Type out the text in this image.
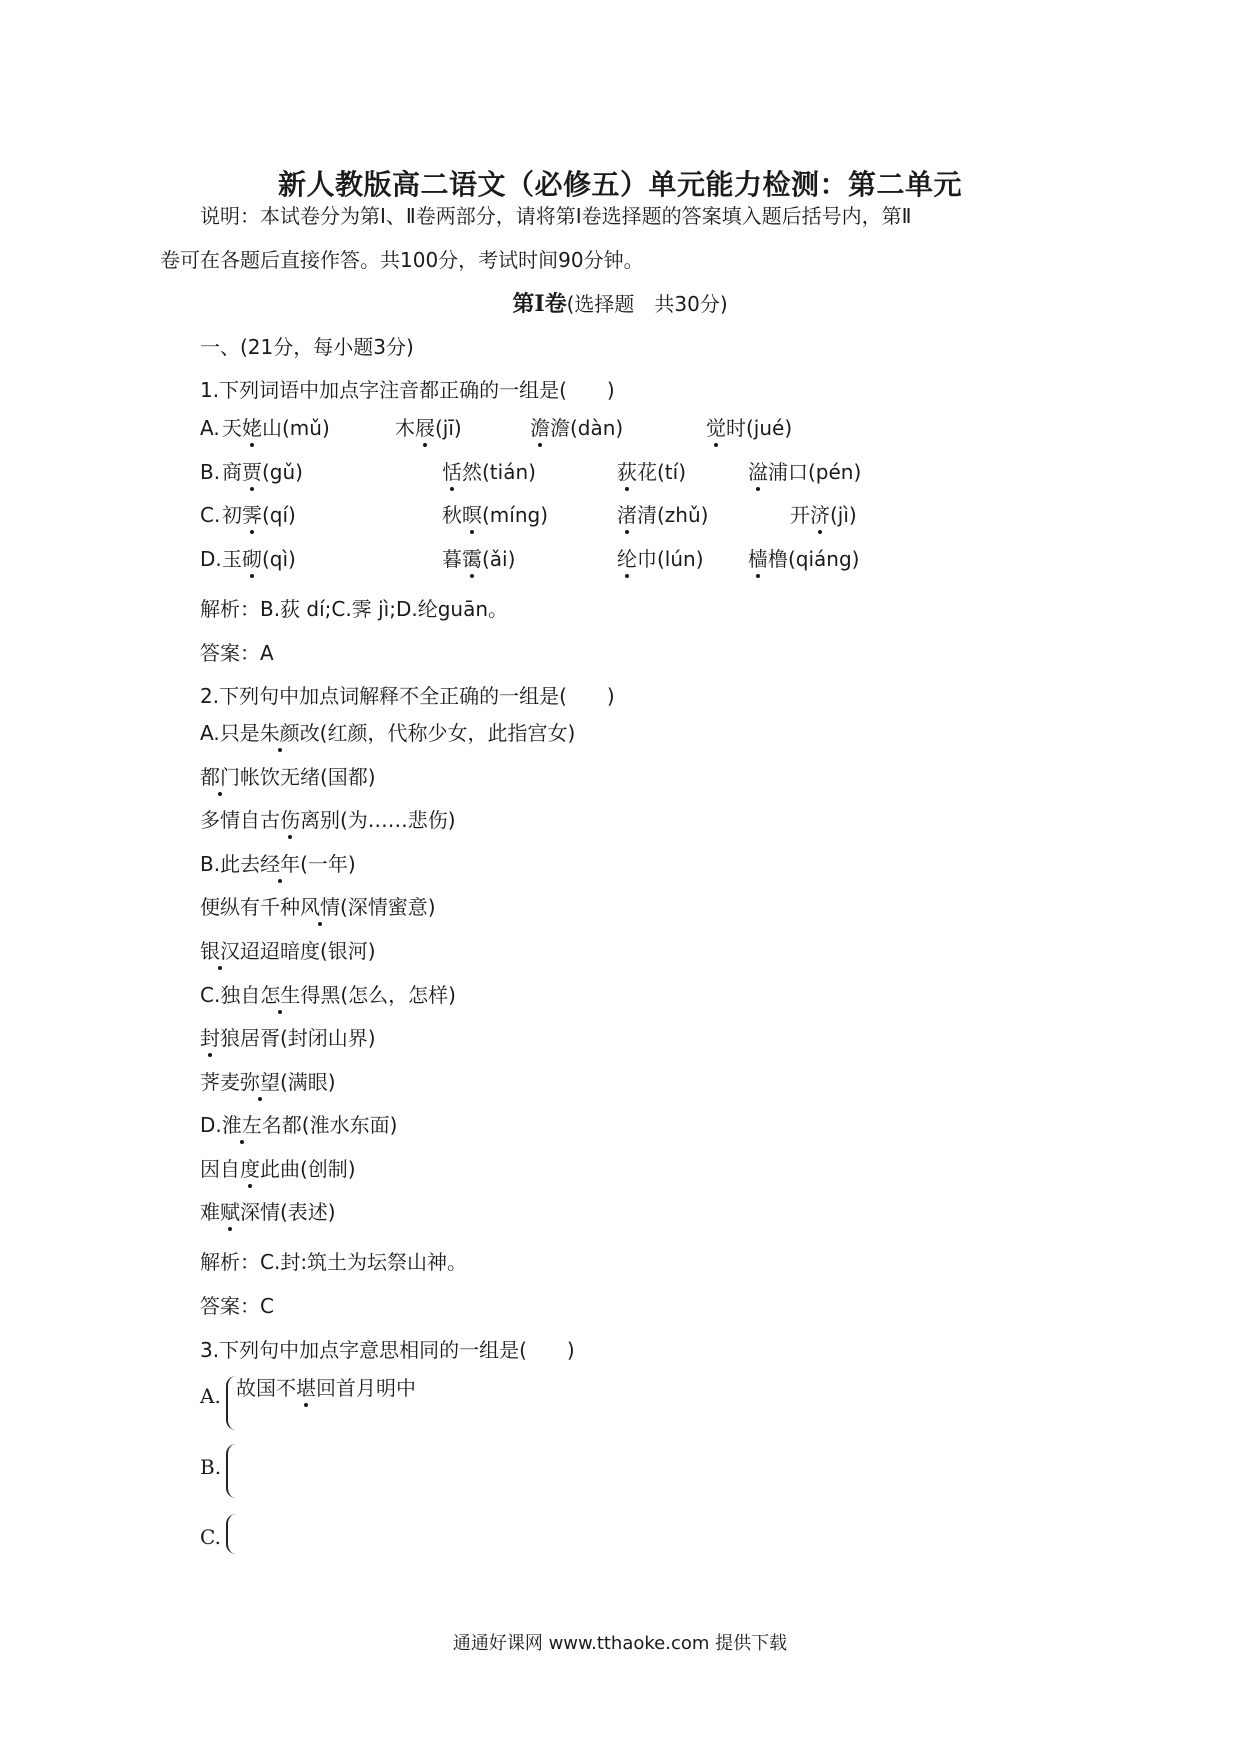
新人教版高二语文（必修五）单元能力检测：第二单元
说明：本试卷分为第Ⅰ、Ⅱ卷两部分，请将第Ⅰ卷选择题的答案填入题后括号内，第Ⅱ
卷可在各题后直接作答。共100分，考试时间90分钟。
第Ⅰ卷(选择题　共30分)
一、(21分，每小题3分)
1.下列词语中加点字注音都正确的一组是(　　)
A. 天姥山(mǔ)	木屐(jī)	澹澹(dàn)	觉时(jué)
B. 商贾(gǔ)	恬然(tián)	荻花(tí)	湓浦口(pén)
C. 初霁(qí)	秋暝(míng)	渚清(zhǔ)	开济(jì)
D. 玉砌(qì)	暮霭(ǎi)	纶巾(lún) 樯橹(qiáng)
解析：B.荻 dí;C.霁 jì;D.纶guān。
答案：A
2.下列句中加点词解释不全正确的一组是(　　)
A.只是朱颜改(红颜，代称少女，此指宫女)
都门帐饮无绪(国都)
多情自古伤离别(为……悲伤)
B.此去经年(一年)
便纵有千种风情(深情蜜意)
银汉迢迢暗度(银河)
C.独自怎生得黑(怎么，怎样)
封狼居胥(封闭山界)
荠麦弥望(满眼)
D.淮左名都(淮水东面)
因自度此曲(创制)
难赋深情(表述)
解析：C.封:筑土为坛祭山神。
答案：C
3.下列句中加点字意思相同的一组是(　　)
A. 故国不堪回首月明中
B.
C.
通通好课网 www.tthaoke.com 提供下载
